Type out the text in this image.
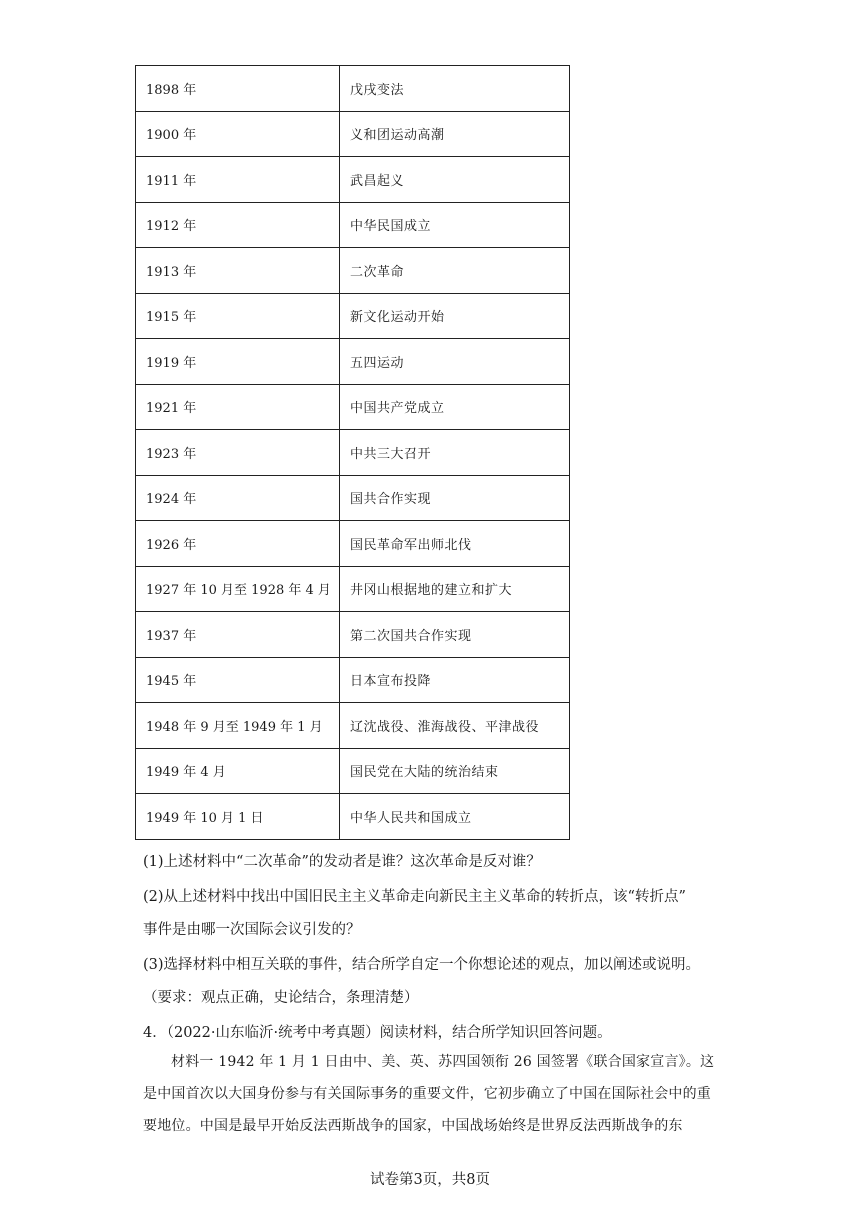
1898 年	戊戌变法
1900 年	义和团运动高潮
1911 年	武昌起义
1912 年	中华民国成立
1913 年	二次革命
1915 年	新文化运动开始
1919 年	五四运动
1921 年	中国共产党成立
1923 年	中共三大召开
1924 年	国共合作实现
1926 年	国民革命军出师北伐
1927 年 10 月至 1928 年 4 月	井冈山根据地的建立和扩大
1937 年	第二次国共合作实现
1945 年	日本宣布投降
1948 年 9 月至 1949 年 1 月	辽沈战役、淮海战役、平津战役
1949 年 4 月	国民党在大陆的统治结束
1949 年 10 月 1 日	中华人民共和国成立
(1)上述材料中“二次革命”的发动者是谁？这次革命是反对谁？
(2)从上述材料中找出中国旧民主主义革命走向新民主主义革命的转折点，该“转折点”
事件是由哪一次国际会议引发的？
(3)选择材料中相互关联的事件，结合所学自定一个你想论述的观点，加以阐述或说明。
（要求：观点正确，史论结合，条理清楚）
4．（2022·山东临沂·统考中考真题）阅读材料，结合所学知识回答问题。
材料一 1942 年 1 月 1 日由中、美、英、苏四国领衔 26 国签署《联合国家宣言》。这是中国首次以大国身份参与有关国际事务的重要文件，它初步确立了中国在国际社会中的重要地位。中国是最早开始反法西斯战争的国家，中国战场始终是世界反法西斯战争的东
试卷第3页，共8页
